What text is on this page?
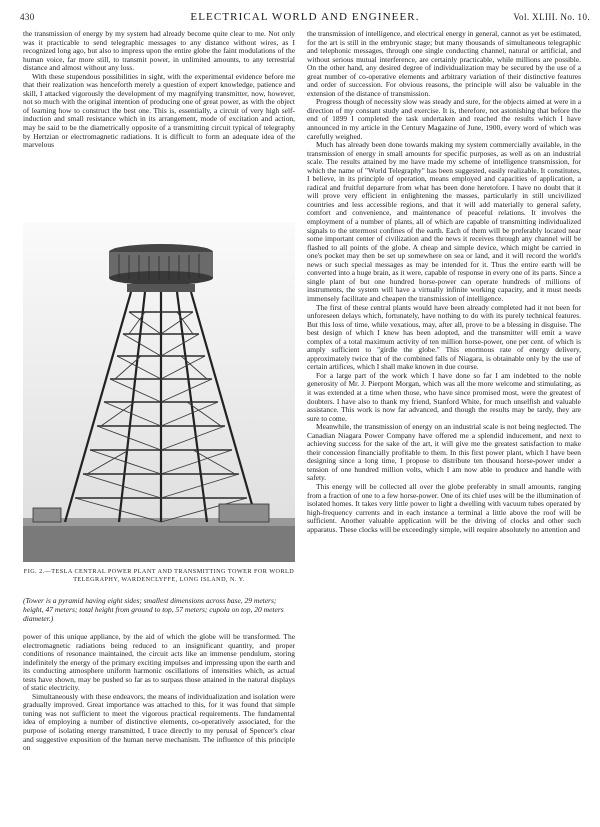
430	ELECTRICAL WORLD AND ENGINEER.	Vol. XLIII. No. 10.

the transmission of energy by my system had already become quite clear to me. Not only was it practicable to send telegraphic messages to any distance without wires, as I recognized long ago, but also to impress upon the entire globe the faint modulations of the human voice, far more still, to transmit power, in unlimited amounts, to any terrestrial distance and almost without any loss.

With these stupendous possibilities in sight, with the experimental evidence before me that their realization was henceforth merely a question of expert knowledge, patience and skill, I attacked vigorously the development of my magnifying transmitter, now, however, not so much with the original intention of producing one of great power, as with the object of learning how to construct the best one. This is, essentially, a circuit of very high self-induction and small resistance which in its arrangement, mode of excitation and action, may be said to be the diametrically opposite of a transmitting circuit typical of telegraphy by Hertzian or electromagnetic radiations. It is difficult to form an adequate idea of the marvelous

FIG. 2.—TESLA CENTRAL POWER PLANT AND TRANSMITTING TOWER FOR WORLD TELEGRAPHY, WARDENCLYFFE, LONG ISLAND, N. Y.
(Tower is a pyramid having eight sides; smallest dimensions across base, 29 meters; height, 47 meters; total height from ground to top, 57 meters; cupola on top, 20 meters diameter.)

power of this unique appliance, by the aid of which the globe will be transformed. The electromagnetic radiations being reduced to an insignificant quantity, and proper conditions of resonance maintained, the circuit acts like an immense pendulum, storing indefinitely the energy of the primary exciting impulses and impressing upon the earth and its conducting atmosphere uniform harmonic oscillations of intensities which, as actual tests have shown, may be pushed so far as to surpass those attained in the natural displays of static electricity.

Simultaneously with these endeavors, the means of individualization and isolation were gradually improved. Great importance was attached to this, for it was found that simple tuning was not sufficient to meet the vigorous practical requirements. The fundamental idea of employing a number of distinctive elements, co-operatively associated, for the purpose of isolating energy transmitted, I trace directly to my perusal of Spencer's clear and suggestive exposition of the human nerve mechanism. The influence of this principle on

the transmission of intelligence, and electrical energy in general, cannot as yet be estimated, for the art is still in the embryonic stage; but many thousands of simultaneous telegraphic and telephonic messages, through one single conducting channel, natural or artificial, and without serious mutual interference, are certainly practicable, while millions are possible. On the other hand, any desired degree of individualization may be secured by the use of a great number of co-operative elements and arbitrary variation of their distinctive features and order of succession. For obvious reasons, the principle will also be valuable in the extension of the distance of transmission.

Progress though of necessity slow was steady and sure, for the objects aimed at were in a direction of my constant study and exercise. It is, therefore, not astonishing that before the end of 1899 I completed the task undertaken and reached the results which I have announced in my article in the Century Magazine of June, 1900, every word of which was carefully weighed.

Much has already been done towards making my system commercially available, in the transmission of energy in small amounts for specific purposes, as well as on an industrial scale. The results attained by me have made my scheme of intelligence transmission, for which the name of "World Telegraphy" has been suggested, easily realizable. It constitutes, I believe, in its principle of operation, means employed and capacities of application, a radical and fruitful departure from what has been done heretofore. I have no doubt that it will prove very efficient in enlightening the masses, particularly in still uncivilized countries and less accessible regions, and that it will add materially to general safety, comfort and convenience, and maintenance of peaceful relations. It involves the employment of a number of plants, all of which are capable of transmitting individualized signals to the uttermost confines of the earth. Each of them will be preferably located near some important center of civilization and the news it receives through any channel will be flashed to all points of the globe. A cheap and simple device, which might be carried in one's pocket may then be set up somewhere on sea or land, and it will record the world's news or such special messages as may be intended for it. Thus the entire earth will be converted into a huge brain, as it were, capable of response in every one of its parts. Since a single plant of but one hundred horse-power can operate hundreds of millions of instruments, the system will have a virtually infinite working capacity, and it must needs immensely facilitate and cheapen the transmission of intelligence.

The first of these central plants would have been already completed had it not been for unforeseen delays which, fortunately, have nothing to do with its purely technical features. But this loss of time, while vexatious, may, after all, prove to be a blessing in disguise. The best design of which I knew has been adopted, and the transmitter will emit a wave complex of a total maximum activity of ten million horse-power, one per cent. of which is amply sufficient to "girdle the globe." This enormous rate of energy delivery, approximately twice that of the combined falls of Niagara, is obtainable only by the use of certain artifices, which I shall make known in due course.

For a large part of the work which I have done so far I am indebted to the noble generosity of Mr. J. Pierpont Morgan, which was all the more welcome and stimulating, as it was extended at a time when those, who have since promised most, were the greatest of doubters. I have also to thank my friend, Stanford White, for much unselfish and valuable assistance. This work is now far advanced, and though the results may be tardy, they are sure to come.

Meanwhile, the transmission of energy on an industrial scale is not being neglected. The Canadian Niagara Power Company have offered me a splendid inducement, and next to achieving success for the sake of the art, it will give me the greatest satisfaction to make their concession financially profitable to them. In this first power plant, which I have been designing since a long time, I propose to distribute ten thousand horse-power under a tension of one hundred million volts, which I am now able to produce and handle with safety.

This energy will be collected all over the globe preferably in small amounts, ranging from a fraction of one to a few horse-power. One of its chief uses will be the illumination of isolated homes. It takes very little power to light a dwelling with vacuum tubes operated by high-frequency currents and in each instance a terminal a little above the roof will be sufficient. Another valuable application will be the driving of clocks and other such apparatus. These clocks will be exceedingly simple, will require absolutely no attention and
